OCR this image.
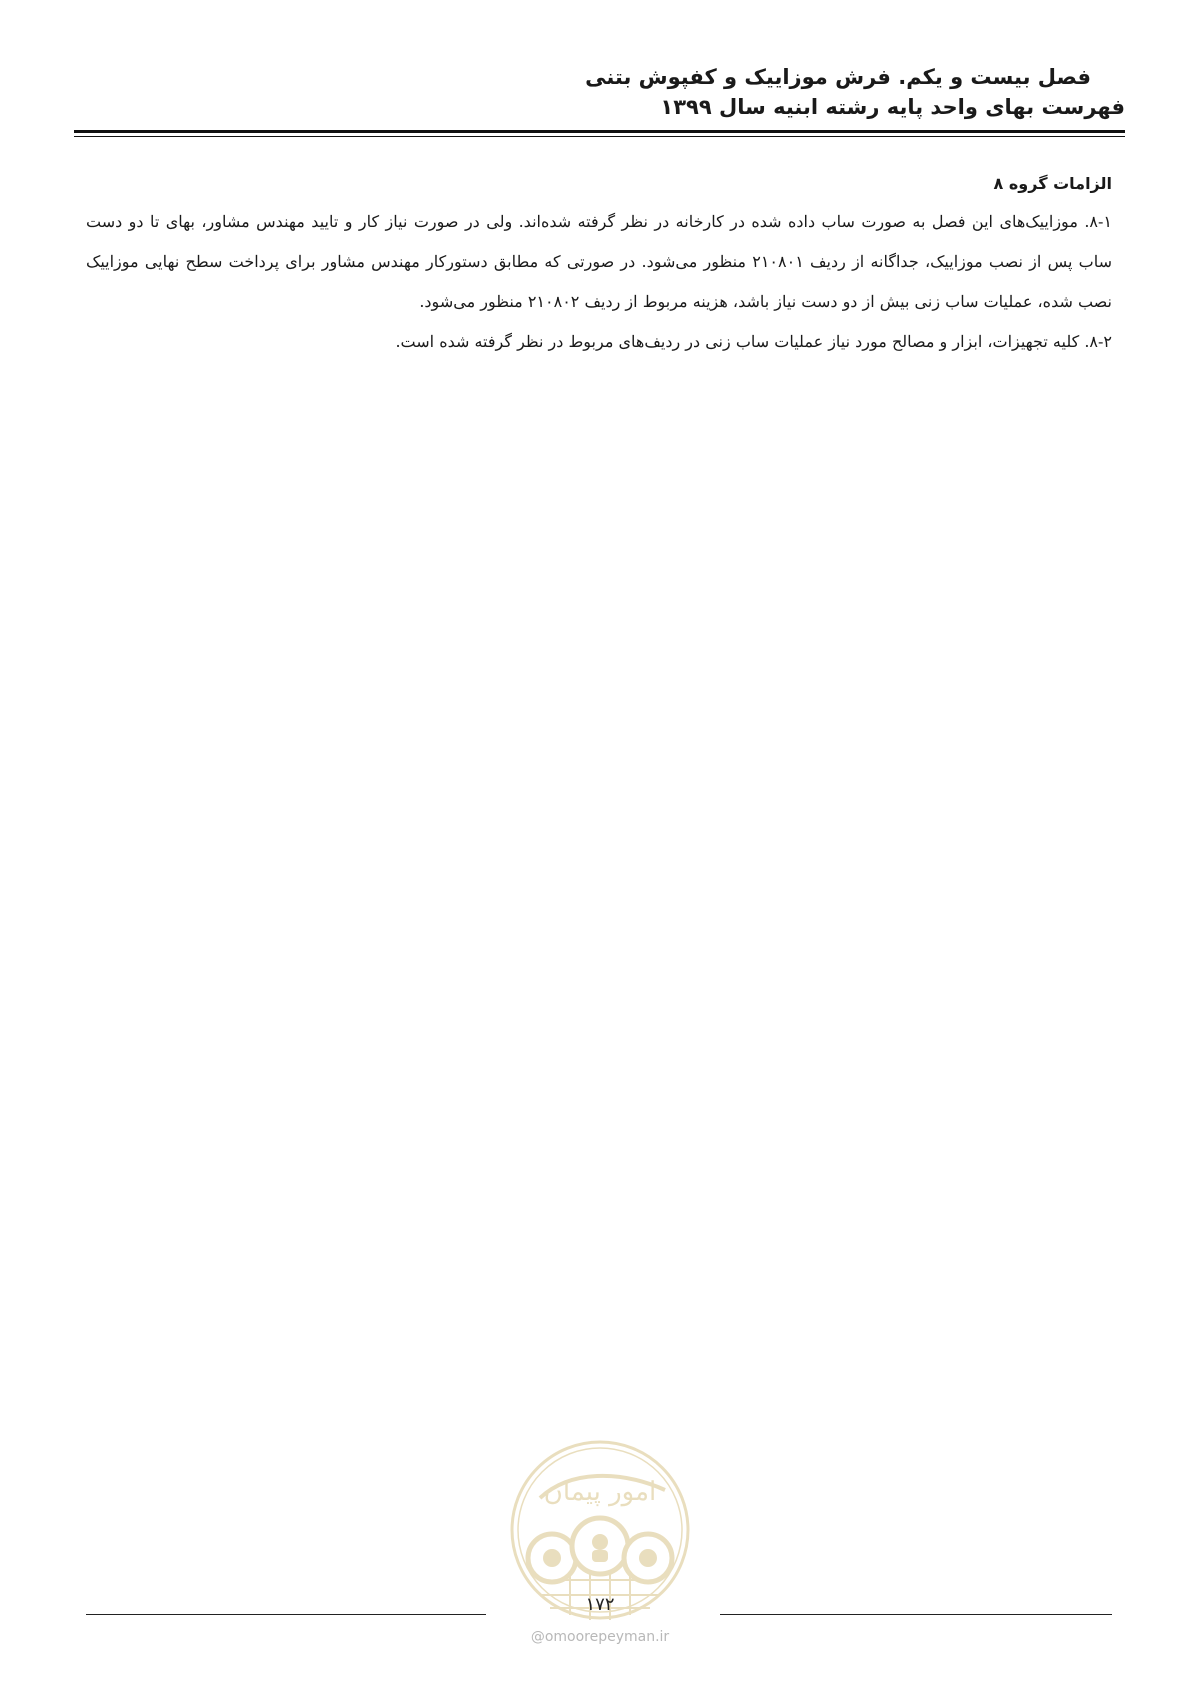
فصل بیست و یکم. فرش موزاییک و کفپوش بتنی
فهرست بهای واحد پایه رشته ابنیه سال ۱۳۹۹
الزامات گروه ۸

۸-۱. موزاییک‌های این فصل به صورت ساب داده شده در کارخانه در نظر گرفته شده‌اند. ولی در صورت نیاز کار و تایید مهندس مشاور، بهای تا دو دست ساب پس از نصب موزاییک، جداگانه از ردیف ۲۱۰۸۰۱ منظور می‌شود. در صورتی که مطابق دستورکار مهندس مشاور برای پرداخت سطح نهایی موزاییک نصب شده، عملیات ساب زنی بیش از دو دست نیاز باشد، هزینه مربوط از ردیف ۲۱۰۸۰۲ منظور می‌شود.

۸-۲. کلیه تجهیزات، ابزار و مصالح مورد نیاز عملیات ساب زنی در ردیف‌های مربوط در نظر گرفته شده است.

امور پیمان
۱۷۲
@omoorepeyman.ir
